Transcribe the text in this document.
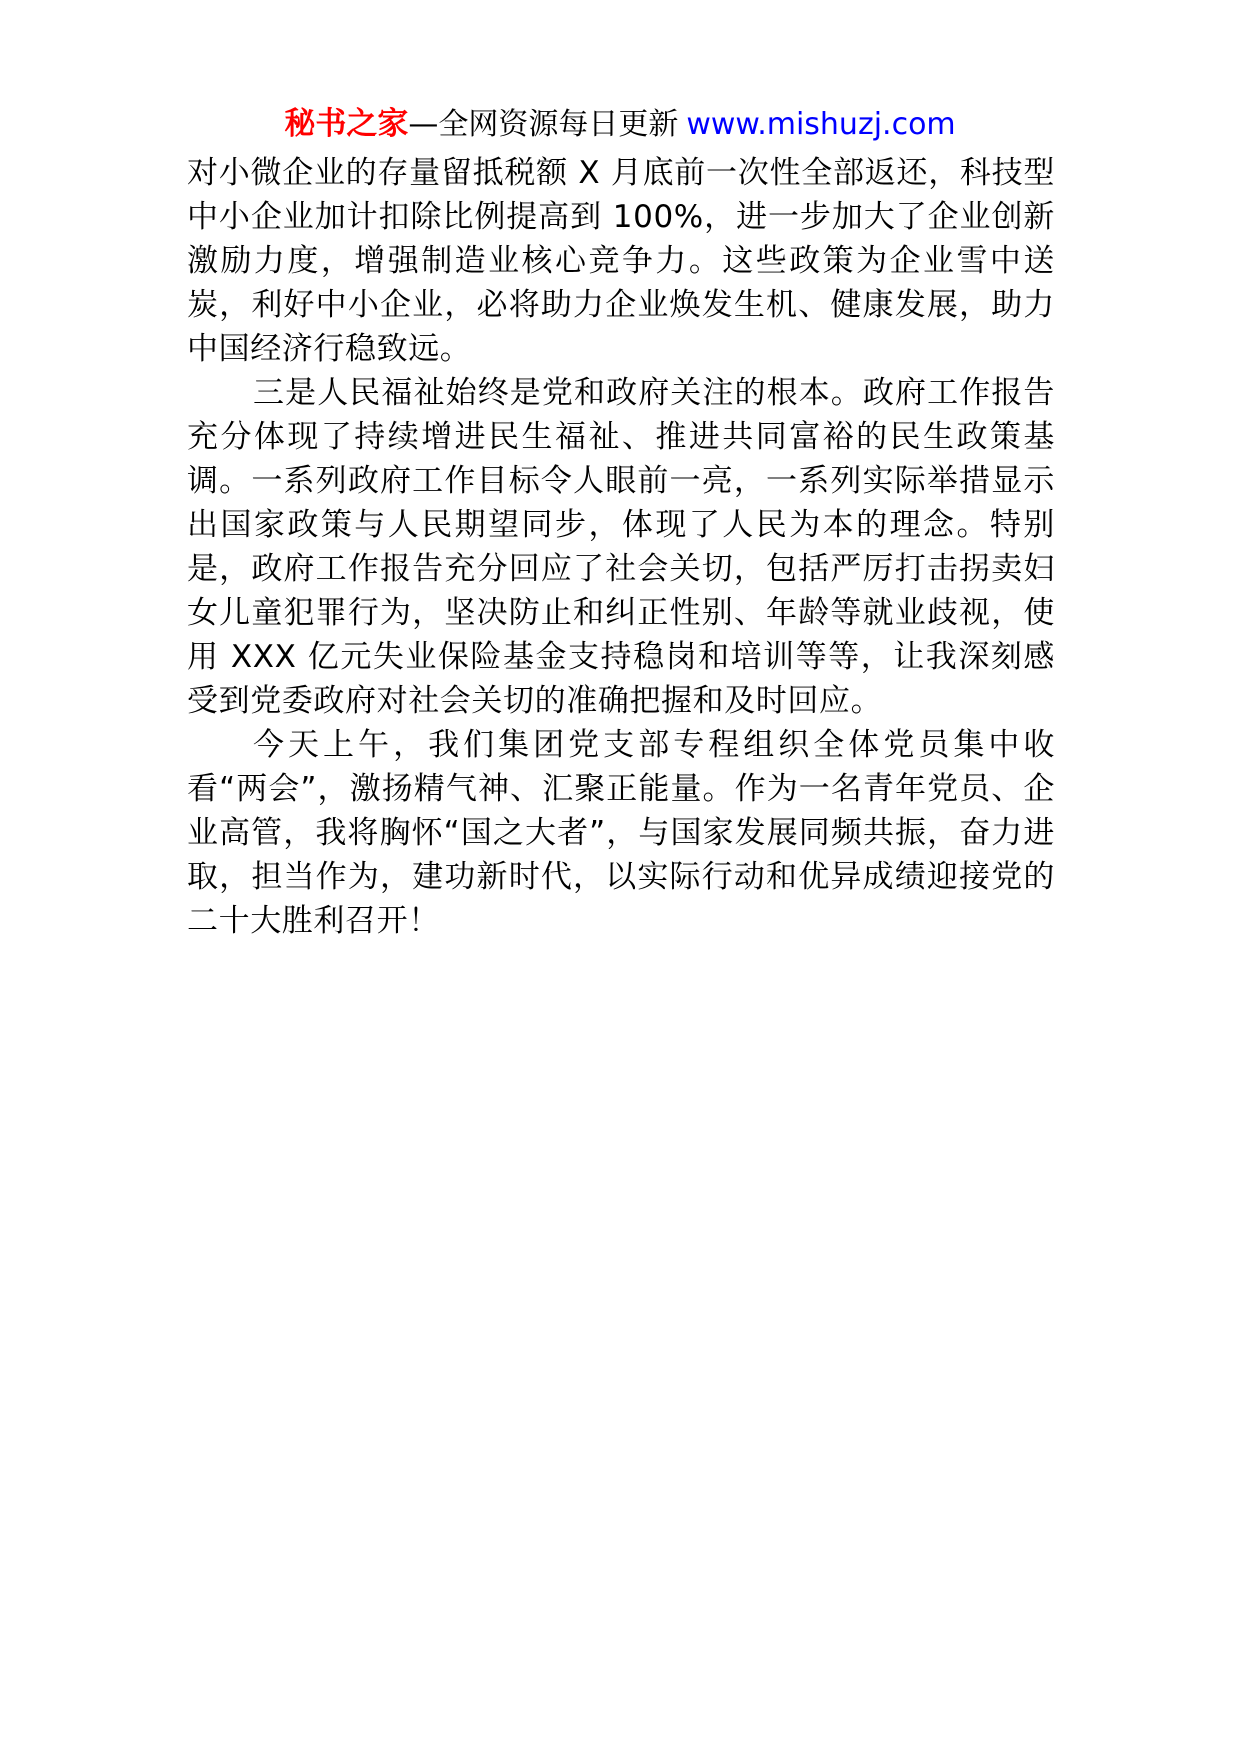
秘书之家—全网资源每日更新 www.mishuzj.com

对小微企业的存量留抵税额 X 月底前一次性全部返还，科技型中小企业加计扣除比例提高到 100%，进一步加大了企业创新激励力度，增强制造业核心竞争力。这些政策为企业雪中送炭，利好中小企业，必将助力企业焕发生机、健康发展，助力中国经济行稳致远。

三是人民福祉始终是党和政府关注的根本。政府工作报告充分体现了持续增进民生福祉、推进共同富裕的民生政策基调。一系列政府工作目标令人眼前一亮，一系列实际举措显示出国家政策与人民期望同步，体现了人民为本的理念。特别是，政府工作报告充分回应了社会关切，包括严厉打击拐卖妇女儿童犯罪行为，坚决防止和纠正性别、年龄等就业歧视，使用 XXX 亿元失业保险基金支持稳岗和培训等等，让我深刻感受到党委政府对社会关切的准确把握和及时回应。

今天上午，我们集团党支部专程组织全体党员集中收看“两会”，激扬精气神、汇聚正能量。作为一名青年党员、企业高管，我将胸怀“国之大者”，与国家发展同频共振，奋力进取，担当作为，建功新时代，以实际行动和优异成绩迎接党的二十大胜利召开！
